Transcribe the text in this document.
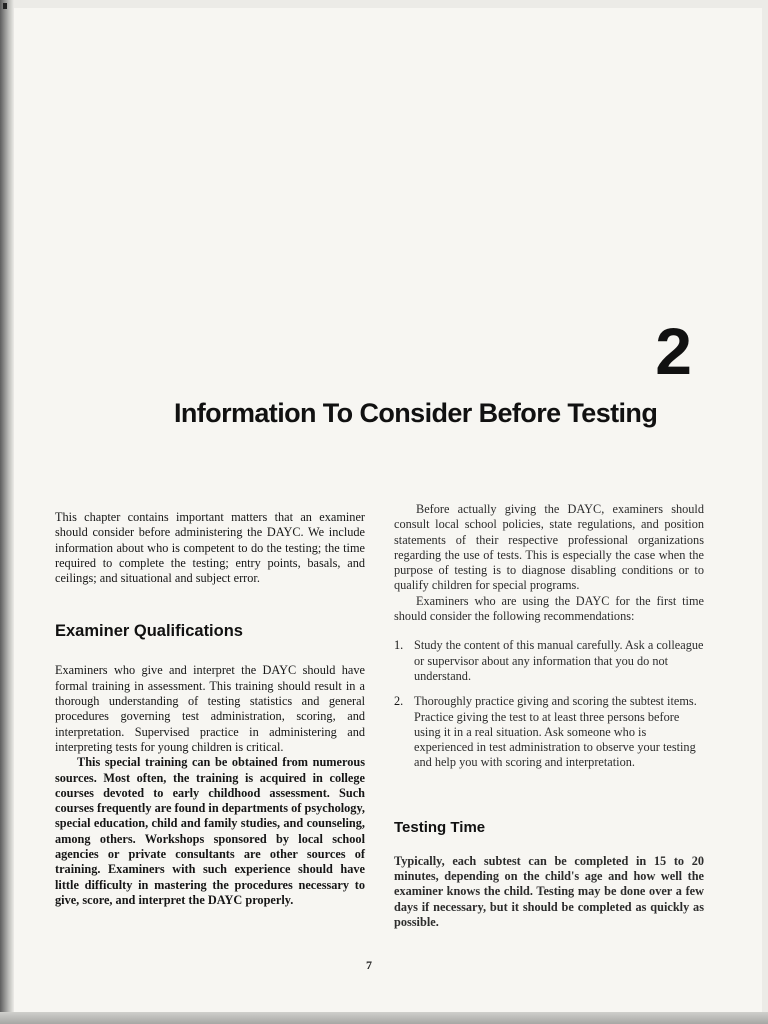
2
Information To Consider Before Testing

This chapter contains important matters that an examiner should consider before administering the DAYC. We include information about who is competent to do the testing; the time required to complete the testing; entry points, basals, and ceilings; and situational and subject error.

Examiner Qualifications

Examiners who give and interpret the DAYC should have formal training in assessment. This training should result in a thorough understanding of testing statistics and general procedures governing test administration, scoring, and interpretation. Supervised practice in administering and interpreting tests for young children is critical.

This special training can be obtained from numerous sources. Most often, the training is acquired in college courses devoted to early childhood assessment. Such courses frequently are found in departments of psychology, special education, child and family studies, and counseling, among others. Workshops sponsored by local school agencies or private consultants are other sources of training. Examiners with such experience should have little difficulty in mastering the procedures necessary to give, score, and interpret the DAYC properly.

Before actually giving the DAYC, examiners should consult local school policies, state regulations, and position statements of their respective professional organizations regarding the use of tests. This is especially the case when the purpose of testing is to diagnose disabling conditions or to qualify children for special programs.

Examiners who are using the DAYC for the first time should consider the following recommendations:

1. Study the content of this manual carefully. Ask a colleague or supervisor about any information that you do not understand.
2. Thoroughly practice giving and scoring the subtest items. Practice giving the test to at least three persons before using it in a real situation. Ask someone who is experienced in test administration to observe your testing and help you with scoring and interpretation.
Testing Time

Typically, each subtest can be completed in 15 to 20 minutes, depending on the child's age and how well the examiner knows the child. Testing may be done over a few days if necessary, but it should be completed as quickly as possible.

7
